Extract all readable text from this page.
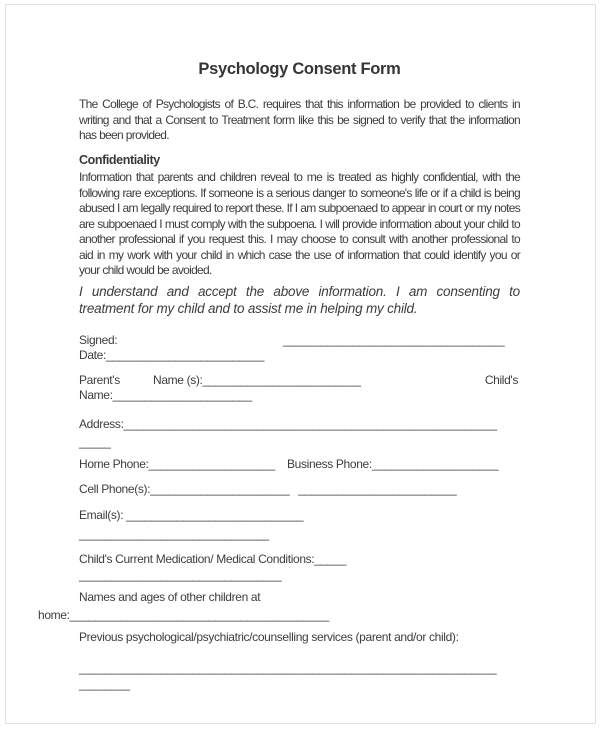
Psychology Consent Form
The College of Psychologists of B.C. requires that this information be provided to clients in writing and that a Consent to Treatment form like this be signed to verify that the information has been provided.
Confidentiality
Information that parents and children reveal to me is treated as highly confidential, with the following rare exceptions. If someone is a serious danger to someone's life or if a child is being abused I am legally required to report these. If I am subpoenaed to appear in court or my notes are subpoenaed I must comply with the subpoena. I will provide information about your child to another professional if you request this. I may choose to consult with another professional to aid in my work with your child in which case the use of information that could identify you or your child would be avoided.
I understand and accept the above information. I am consenting to treatment for my child and to assist me in helping my child.
Signed:	___________________________________
Date:_________________________
Parent's	Name (s):_________________________	Child's
Name:______________________
Address:___________________________________________________________
_____
Home Phone:____________________ Business Phone:____________________
Cell Phone(s):______________________ _________________________
Email(s): ____________________________
______________________________
Child's Current Medication/ Medical Conditions:_____
________________________________
Names and ages of other children at
home:_________________________________________
Previous psychological/psychiatric/counselling services (parent and/or child):
__________________________________________________________________
________
